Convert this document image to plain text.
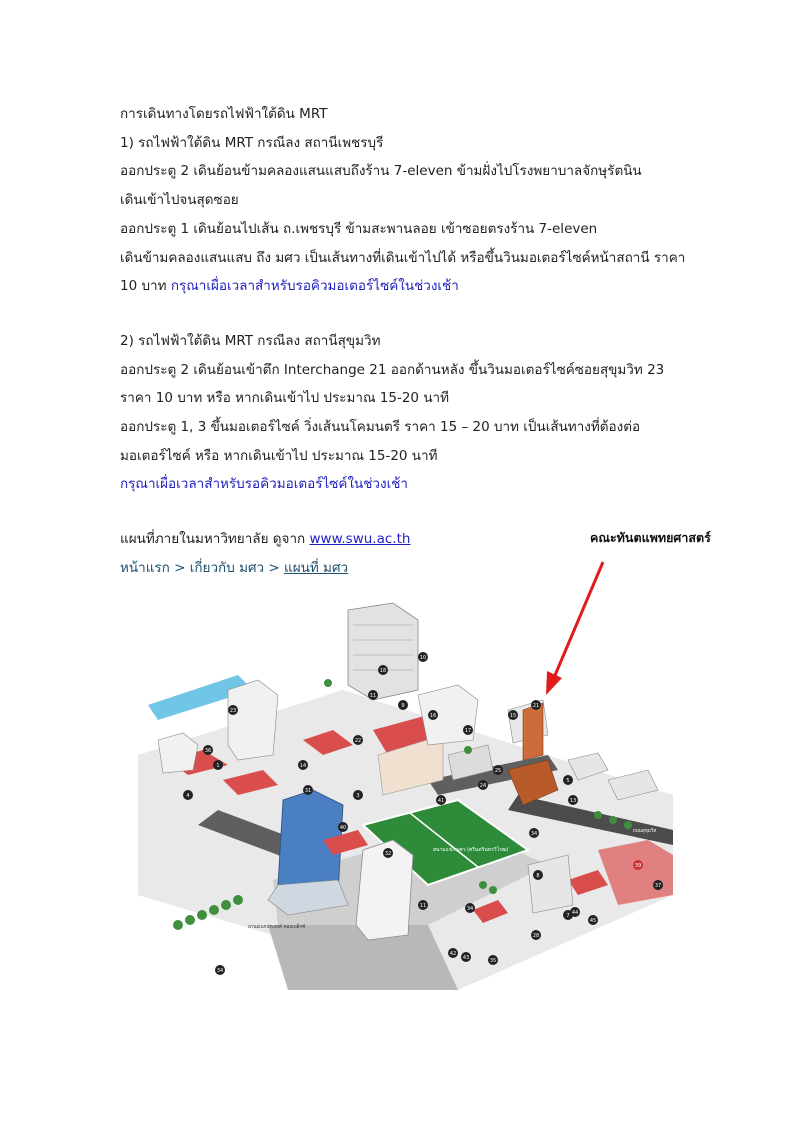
การเดินทางโดยรถไฟฟ้าใต้ดิน MRT
1) รถไฟฟ้าใต้ดิน MRT กรณีลง สถานีเพชรบุรี
ออกประตู 2 เดินย้อนข้ามคลองแสนแสบถึงร้าน 7-eleven ข้ามฝั่งไปโรงพยาบาลจักษุรัตนิน
เดินเข้าไปจนสุดซอย
ออกประตู 1 เดินย้อนไปเส้น ถ.เพชรบุรี ข้ามสะพานลอย เข้าซอยตรงร้าน 7-eleven
เดินข้ามคลองแสนแสบ ถึง มศว เป็นเส้นทางที่เดินเข้าไปได้ หรือขึ้นวินมอเตอร์ไซค์หน้าสถานี ราคา
10 บาท กรุณาเผื่อเวลาสำหรับรอคิวมอเตอร์ไซค์ในช่วงเช้า
2) รถไฟฟ้าใต้ดิน MRT กรณีลง สถานีสุขุมวิท
ออกประตู 2 เดินย้อนเข้าตึก Interchange 21 ออกด้านหลัง ขึ้นวินมอเตอร์ไซค์ซอยสุขุมวิท 23
ราคา 10 บาท หรือ หากเดินเข้าไป ประมาณ 15-20 นาที
ออกประตู 1, 3 ขึ้นมอเตอร์ไซค์ วิ่งเส้นนโคมนตรี ราคา 15 – 20 บาท เป็นเส้นทางที่ต้องต่อ
มอเตอร์ไซค์ หรือ หากเดินเข้าไป ประมาณ 15-20 นาที
กรุณาเผื่อเวลาสำหรับรอคิวมอเตอร์ไซค์ในช่วงเช้า
แผนที่ภายในมหาวิทยาลัย ดูจาก www.swu.ac.th
หน้าแรก > เกี่ยวกับ มศว > แผนที่ มศว
คณะทันตแพทยศาสตร์
สนามแข่ง มศว (ศรีนครินทรวิโรฒ)
ถนนสุขุมวิท
ลานอเนกประสงค์ คอมเพล็กซ์
1
3
4
5
7
8
9
10
11
11
13
14
15
16
17
18
22
23
24
25
21
31
32
34
34
34
35
36
37
39
40
41
42
43
44
45
28
